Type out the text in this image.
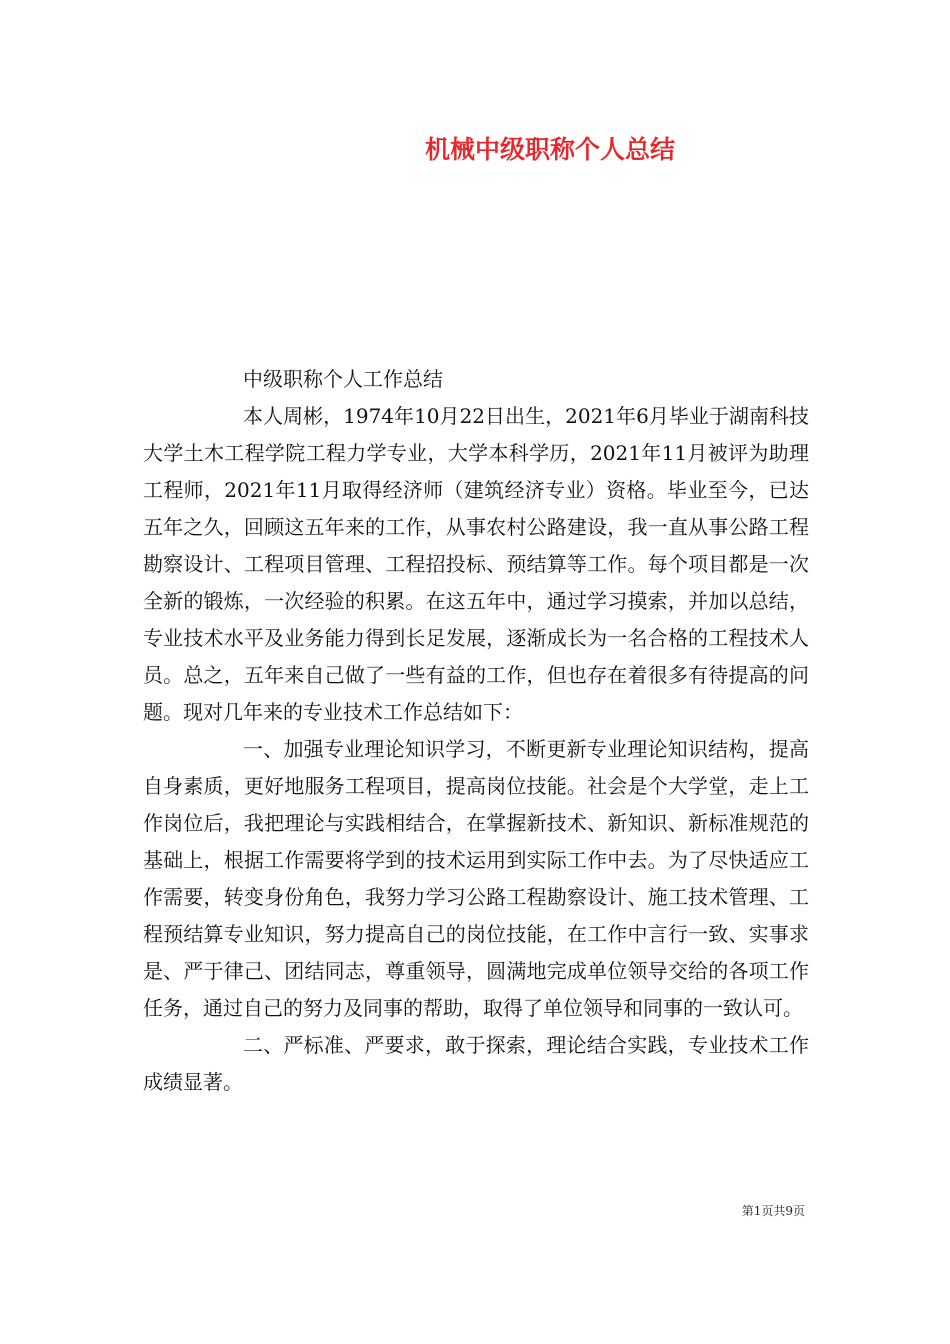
机械中级职称个人总结

中级职称个人工作总结

本人周彬，1974年10月22日出生，2021年6月毕业于湖南科技大学土木工程学院工程力学专业，大学本科学历，2021年11月被评为助理工程师，2021年11月取得经济师（建筑经济专业）资格。毕业至今，已达五年之久，回顾这五年来的工作，从事农村公路建设，我一直从事公路工程勘察设计、工程项目管理、工程招投标、预结算等工作。每个项目都是一次全新的锻炼，一次经验的积累。在这五年中，通过学习摸索，并加以总结，专业技术水平及业务能力得到长足发展，逐渐成长为一名合格的工程技术人员。总之，五年来自己做了一些有益的工作，但也存在着很多有待提高的问题。现对几年来的专业技术工作总结如下：

一、加强专业理论知识学习，不断更新专业理论知识结构，提高自身素质，更好地服务工程项目，提高岗位技能。社会是个大学堂，走上工作岗位后，我把理论与实践相结合，在掌握新技术、新知识、新标准规范的基础上，根据工作需要将学到的技术运用到实际工作中去。为了尽快适应工作需要，转变身份角色，我努力学习公路工程勘察设计、施工技术管理、工程预结算专业知识，努力提高自己的岗位技能，在工作中言行一致、实事求是、严于律己、团结同志，尊重领导，圆满地完成单位领导交给的各项工作任务，通过自己的努力及同事的帮助，取得了单位领导和同事的一致认可。

二、严标准、严要求，敢于探索，理论结合实践，专业技术工作成绩显著。

第1页共9页
